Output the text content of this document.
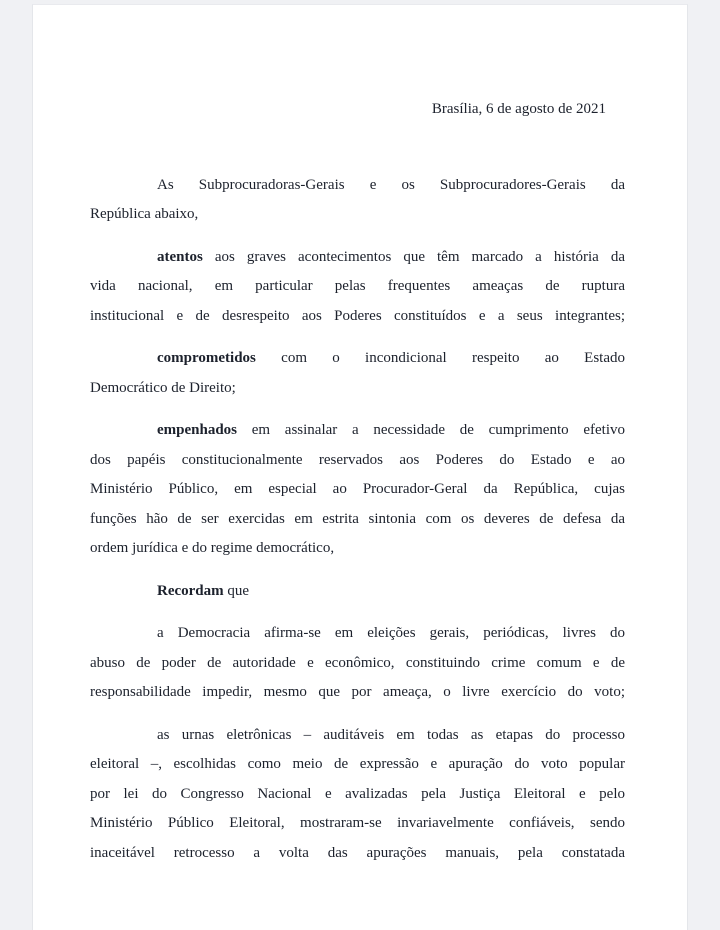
Brasília, 6 de agosto de 2021
As Subprocuradoras-Gerais e os Subprocuradores-Gerais da
República abaixo,
atentos aos graves acontecimentos que têm marcado a história da
vida nacional, em particular pelas frequentes ameaças de ruptura
institucional e de desrespeito aos Poderes constituídos e a seus integrantes;
comprometidos com o incondicional respeito ao Estado
Democrático de Direito;
empenhados em assinalar a necessidade de cumprimento efetivo
dos papéis constitucionalmente reservados aos Poderes do Estado e ao
Ministério Público, em especial ao Procurador-Geral da República, cujas
funções hão de ser exercidas em estrita sintonia com os deveres de defesa da
ordem jurídica e do regime democrático,
Recordam que
a Democracia afirma-se em eleições gerais, periódicas, livres do
abuso de poder de autoridade e econômico, constituindo crime comum e de
responsabilidade impedir, mesmo que por ameaça, o livre exercício do voto;
as urnas eletrônicas – auditáveis em todas as etapas do processo
eleitoral –, escolhidas como meio de expressão e apuração do voto popular
por lei do Congresso Nacional e avalizadas pela Justiça Eleitoral e pelo
Ministério Público Eleitoral, mostraram-se invariavelmente confiáveis, sendo
inaceitável retrocesso a volta das apurações manuais, pela constatada
